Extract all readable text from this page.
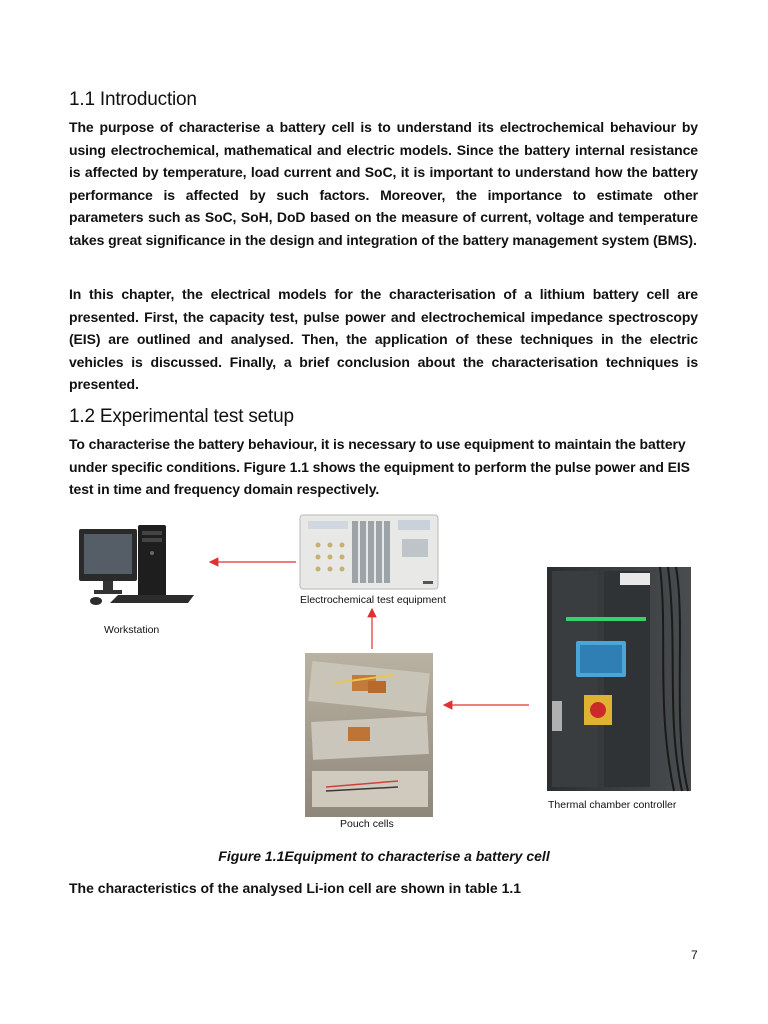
1.1 Introduction

The purpose of characterise a battery cell is to understand its electrochemical behaviour by using electrochemical, mathematical and electric models. Since the battery internal resistance is affected by temperature, load current and SoC, it is important to understand how the battery performance is affected by such factors. Moreover, the importance to estimate other parameters such as SoC, SoH, DoD based on the measure of current, voltage and temperature takes great significance in the design and integration of the battery management system (BMS).

In this chapter, the electrical models for the characterisation of a lithium battery cell are presented. First, the capacity test, pulse power and electrochemical impedance spectroscopy (EIS) are outlined and analysed. Then, the application of these techniques in the electric vehicles is discussed. Finally, a brief conclusion about the characterisation techniques is presented.

1.2 Experimental test setup

To characterise the battery behaviour, it is necessary to use equipment to maintain the battery under specific conditions. Figure 1.1 shows the equipment to perform the pulse power and EIS test in time and frequency domain respectively.

Workstation
Electrochemical test equipment
Pouch cells
Thermal chamber controller
Figure 1.1Equipment to characterise a battery cell
The characteristics of the analysed Li-ion cell are shown in table 1.1
7
